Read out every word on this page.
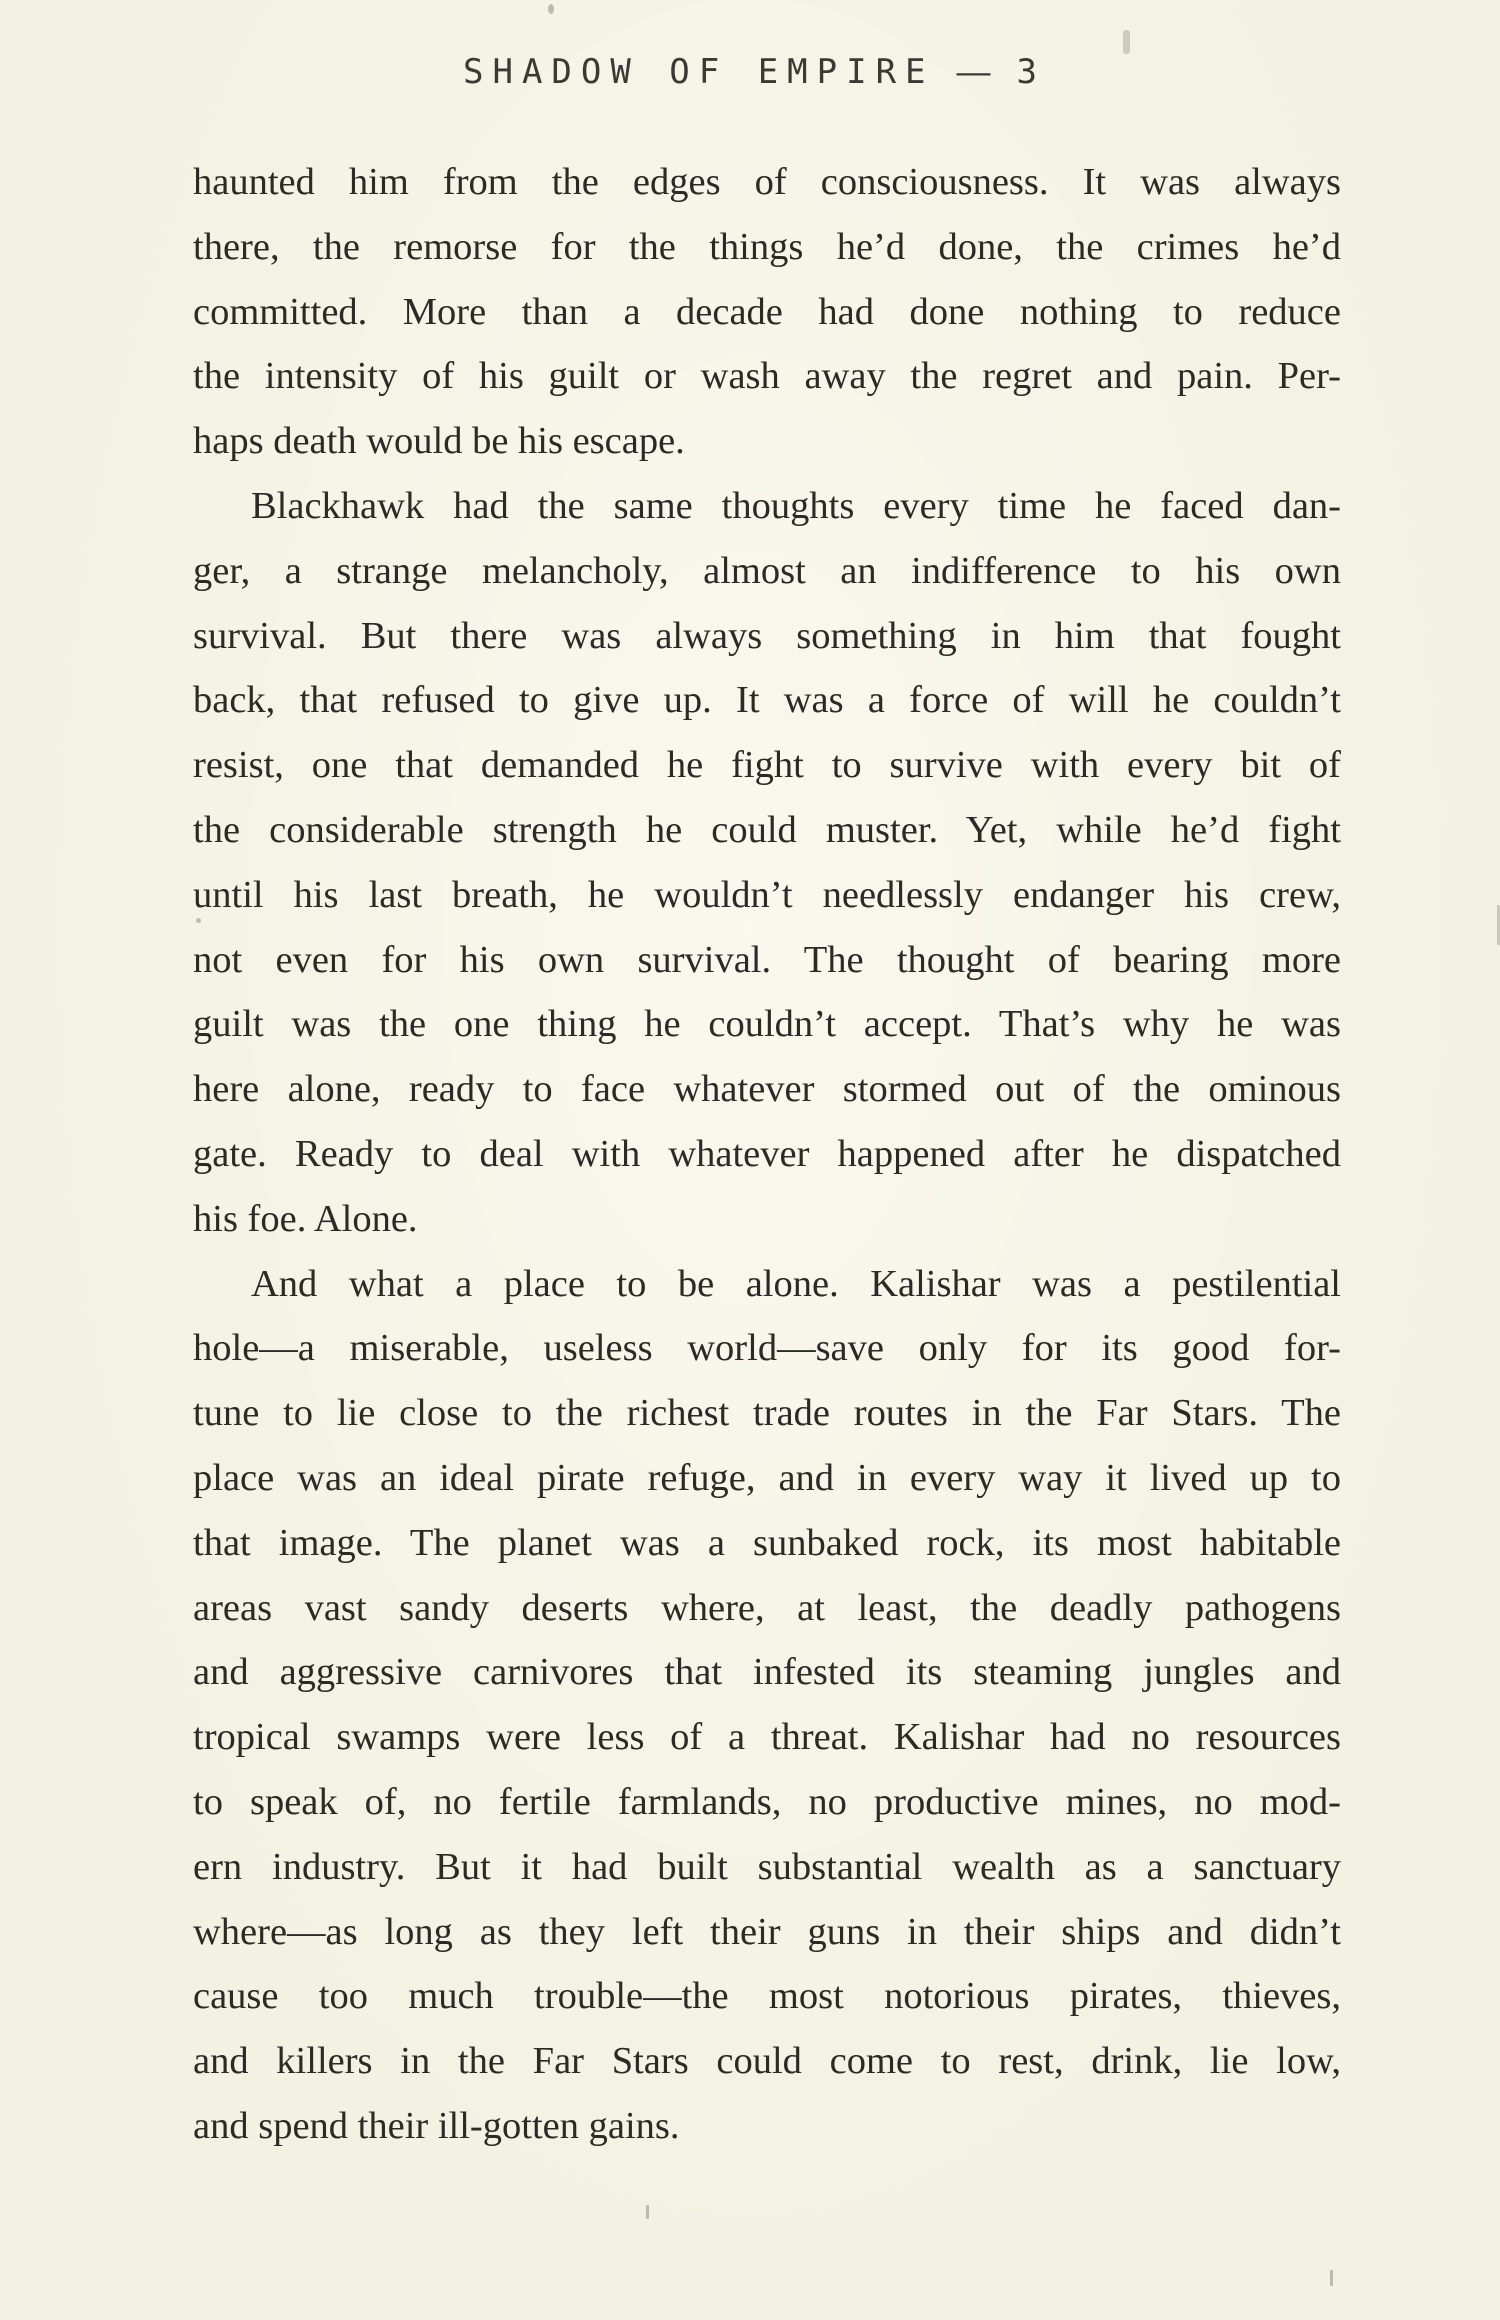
SHADOW OF EMPIRE — 3
haunted him from the edges of consciousness. It was always
there, the remorse for the things he’d done, the crimes he’d
committed. More than a decade had done nothing to reduce
the intensity of his guilt or wash away the regret and pain. Per-
haps death would be his escape.
Blackhawk had the same thoughts every time he faced dan-
ger, a strange melancholy, almost an indifference to his own
survival. But there was always something in him that fought
back, that refused to give up. It was a force of will he couldn’t
resist, one that demanded he fight to survive with every bit of
the considerable strength he could muster. Yet, while he’d fight
until his last breath, he wouldn’t needlessly endanger his crew,
not even for his own survival. The thought of bearing more
guilt was the one thing he couldn’t accept. That’s why he was
here alone, ready to face whatever stormed out of the ominous
gate. Ready to deal with whatever happened after he dispatched
his foe. Alone.
And what a place to be alone. Kalishar was a pestilential
hole—a miserable, useless world—save only for its good for-
tune to lie close to the richest trade routes in the Far Stars. The
place was an ideal pirate refuge, and in every way it lived up to
that image. The planet was a sunbaked rock, its most habitable
areas vast sandy deserts where, at least, the deadly pathogens
and aggressive carnivores that infested its steaming jungles and
tropical swamps were less of a threat. Kalishar had no resources
to speak of, no fertile farmlands, no productive mines, no mod-
ern industry. But it had built substantial wealth as a sanctuary
where—as long as they left their guns in their ships and didn’t
cause too much trouble—the most notorious pirates, thieves,
and killers in the Far Stars could come to rest, drink, lie low,
and spend their ill-gotten gains.
